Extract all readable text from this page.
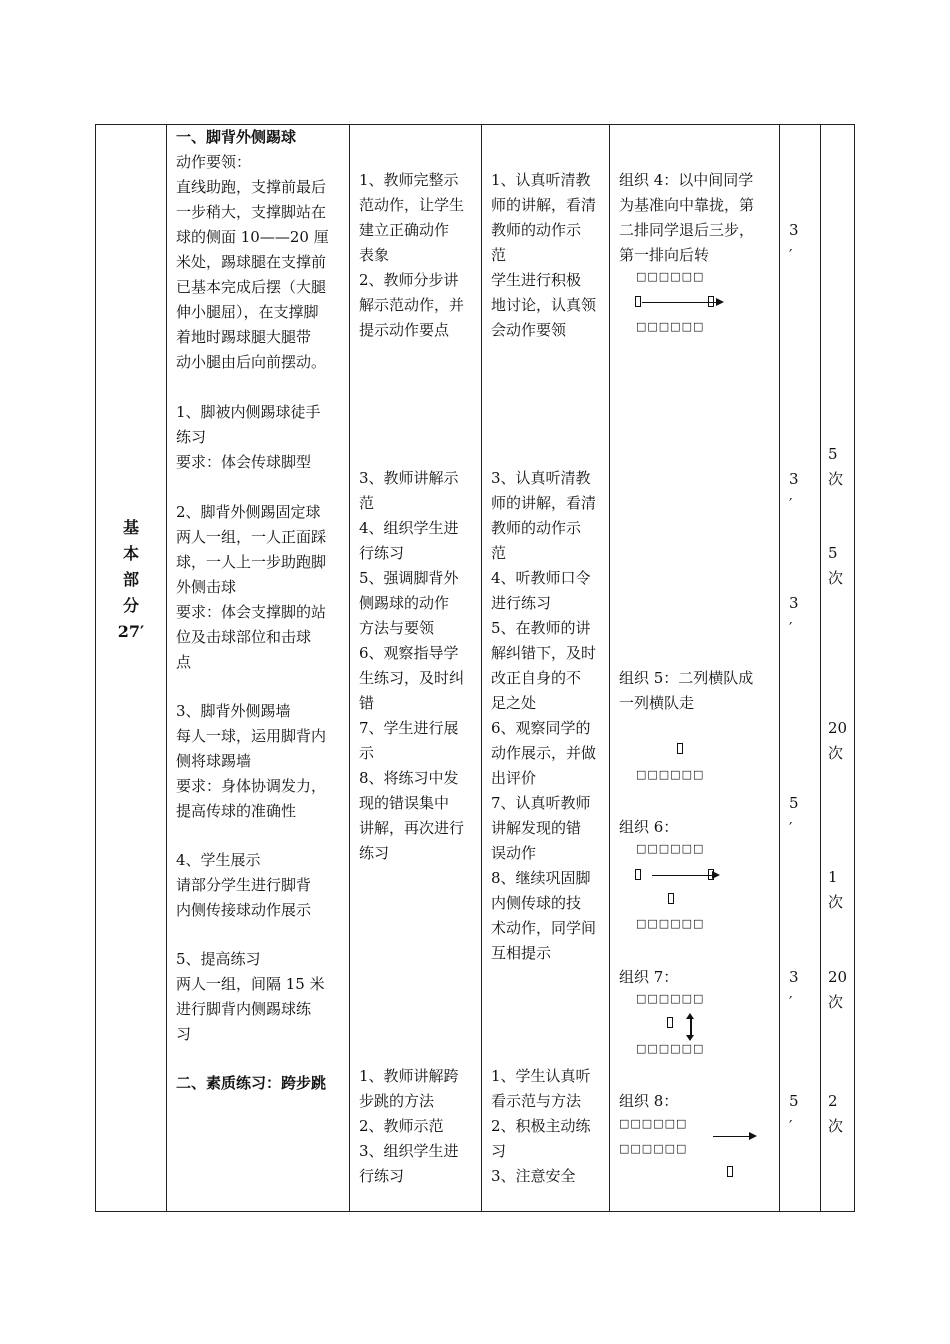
基
本
部
分
27′
一、脚背外侧踢球
动作要领：
直线助跑，支撑前最后
一步稍大，支撑脚站在
球的侧面 10——20 厘
米处，踢球腿在支撑前
已基本完成后摆（大腿
伸小腿屈），在支撑脚
着地时踢球腿大腿带
动小腿由后向前摆动。
1、脚被内侧踢球徒手
练习
要求：体会传球脚型
2、脚背外侧踢固定球
两人一组，一人正面踩
球，一人上一步助跑脚
外侧击球
要求：体会支撑脚的站
位及击球部位和击球
点
3、脚背外侧踢墙
每人一球，运用脚背内
侧将球踢墙
要求：身体协调发力，
提高传球的准确性
4、学生展示
请部分学生进行脚背
内侧传接球动作展示
5、提高练习
两人一组，间隔 15 米
进行脚背内侧踢球练
习
二、素质练习：跨步跳
1、教师完整示
范动作，让学生
建立正确动作
表象
2、教师分步讲
解示范动作，并
提示动作要点
3、教师讲解示
范
4、组织学生进
行练习
5、强调脚背外
侧踢球的动作
方法与要领
6、观察指导学
生练习，及时纠
错
7、学生进行展
示
8、将练习中发
现的错误集中
讲解，再次进行
练习
1、教师讲解跨
步跳的方法
2、教师示范
3、组织学生进
行练习
1、认真听清教
师的讲解，看清
教师的动作示
范
学生进行积极
地讨论，认真领
会动作要领
3、认真听清教
师的讲解，看清
教师的动作示
范
4、听教师口令
进行练习
5、在教师的讲
解纠错下，及时
改正自身的不
足之处
6、观察同学的
动作展示，并做
出评价
7、认真听教师
讲解发现的错
误动作
8、继续巩固脚
内侧传球的技
术动作，同学间
互相提示
1、学生认真听
看示范与方法
2、积极主动练
习
3、注意安全
组织 4：以中间同学
为基准向中靠拢，第
二排同学退后三步，
第一排向后转
□□□□□□
□□□□□□
组织 5：二列横队成
一列横队走
□□□□□□
组织 6：
□□□□□□
□□□□□□
组织 7：
□□□□□□
□□□□□□
组织 8：
□□□□□□
□□□□□□
3
′
3
′
3
′
5
′
3
′
5
′
5
次
5
次
20
次
1
次
20
次
2
次
